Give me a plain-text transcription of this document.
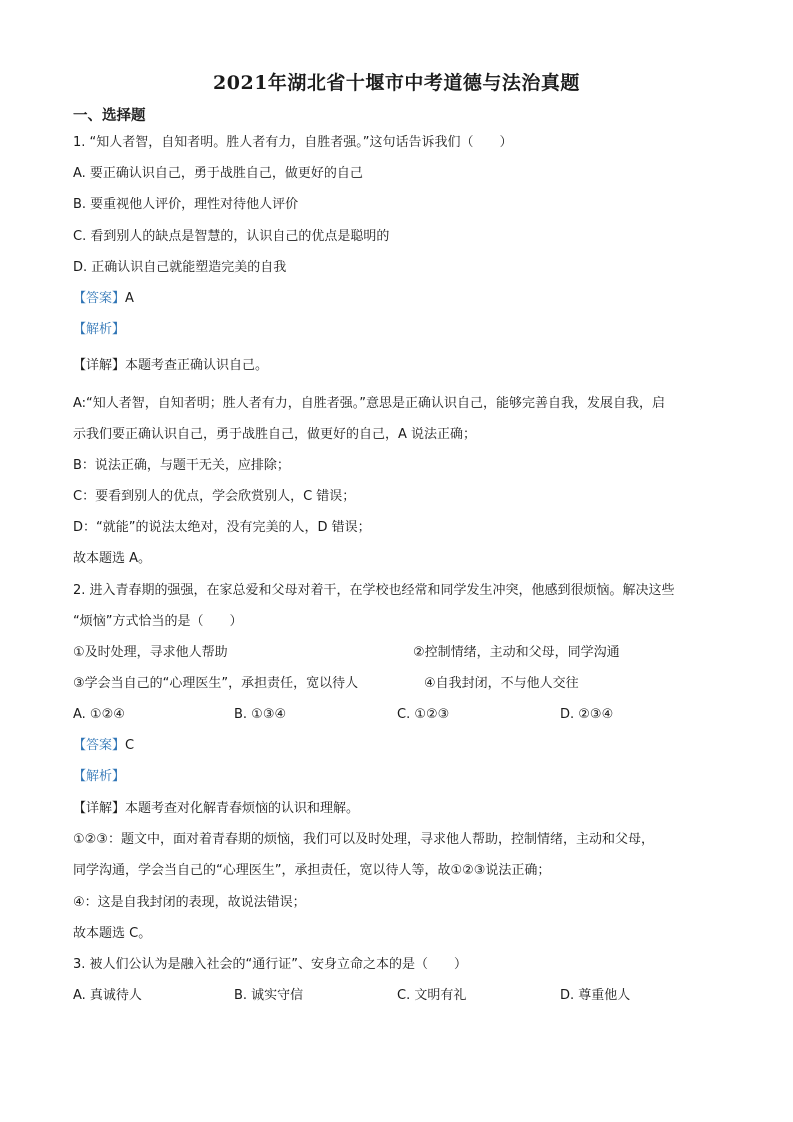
2021年湖北省十堰市中考道德与法治真题
一、选择题
1. “知人者智，自知者明。胜人者有力，自胜者强。”这句话告诉我们（　　）
A. 要正确认识自己，勇于战胜自己，做更好的自己
B. 要重视他人评价，理性对待他人评价
C. 看到别人的缺点是智慧的，认识自己的优点是聪明的
D. 正确认识自己就能塑造完美的自我
【答案】A
【解析】
【详解】本题考查正确认识自己。
A:“知人者智，自知者明；胜人者有力，自胜者强。”意思是正确认识自己，能够完善自我，发展自我，启
示我们要正确认识自己，勇于战胜自己，做更好的自己，A 说法正确；
B：说法正确，与题干无关，应排除；
C：要看到别人的优点，学会欣赏别人，C 错误；
D：“就能”的说法太绝对，没有完美的人，D 错误；
故本题选 A。
2. 进入青春期的强强，在家总爱和父母对着干，在学校也经常和同学发生冲突，他感到很烦恼。解决这些
“烦恼”方式恰当的是（　　）
①及时处理，寻求他人帮助	②控制情绪，主动和父母，同学沟通
③学会当自己的“心理医生”，承担责任，宽以待人	④自我封闭，不与他人交往
A. ①②④	B. ①③④	C. ①②③	D. ②③④
【答案】C
【解析】
【详解】本题考查对化解青春烦恼的认识和理解。
①②③：题文中，面对着青春期的烦恼，我们可以及时处理，寻求他人帮助，控制情绪，主动和父母，
同学沟通，学会当自己的“心理医生”，承担责任，宽以待人等，故①②③说法正确；
④：这是自我封闭的表现，故说法错误；
故本题选 C。
3. 被人们公认为是融入社会的“通行证”、安身立命之本的是（　　）
A. 真诚待人	B. 诚实守信	C. 文明有礼	D. 尊重他人
